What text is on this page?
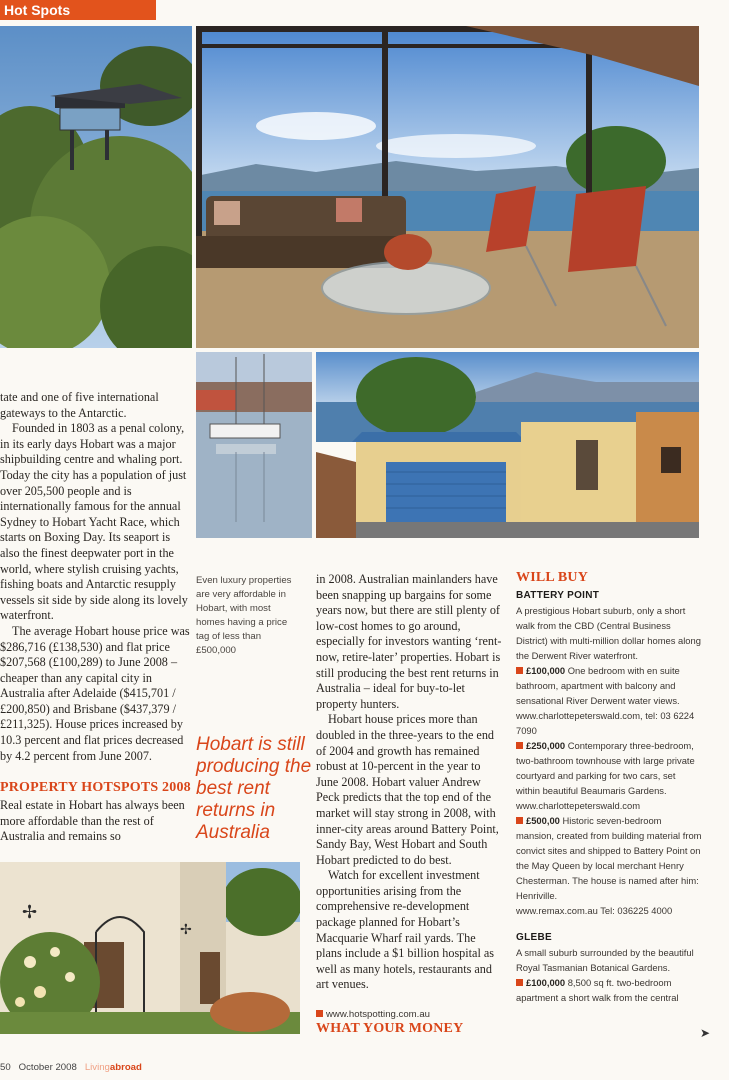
Hot Spots

tate and one of five international gateways to the Antarctic.

Founded in 1803 as a penal colony, in its early days Hobart was a major shipbuilding centre and whaling port. Today the city has a population of just over 205,500 people and is internationally famous for the annual Sydney to Hobart Yacht Race, which starts on Boxing Day. Its seaport is also the finest deepwater port in the world, where stylish cruising yachts, fishing boats and Antarctic resupply vessels sit side by side along its lovely waterfront.

The average Hobart house price was $286,716 (£138,530) and flat price $207,568 (£100,289) to June 2008 – cheaper than any capital city in Australia after Adelaide ($415,701 / £200,850) and Brisbane ($437,379 / £211,325). House prices increased by 10.3 percent and flat prices decreased by 4.2 percent from June 2007.

PROPERTY HOTSPOTS 2008

Real estate in Hobart has always been more affordable than the rest of Australia and remains so

✢
✢
Even luxury properties are very affordable in Hobart, with most homes having a price tag of less than £500,000
Hobart is still producing the best rent returns in Australia

in 2008. Australian mainlanders have been snapping up bargains for some years now, but there are still plenty of low-cost homes to go around, especially for investors wanting ‘rent-now, retire-later’ properties. Hobart is still producing the best rent returns in Australia – ideal for buy-to-let property hunters.

Hobart house prices more than doubled in the three-years to the end of 2004 and growth has remained robust at 10-percent in the year to June 2008. Hobart valuer Andrew Peck predicts that the top end of the market will stay strong in 2008, with inner-city areas around Battery Point, Sandy Bay, West Hobart and South Hobart predicted to do best.

Watch for excellent investment opportunities arising from the comprehensive re-development package planned for Hobart’s Macquarie Wharf rail yards. The plans include a $1 billion hospital as well as many hotels, restaurants and art venues.

www.hotspotting.com.au
WHAT YOUR MONEY
WILL BUY
BATTERY POINT

A prestigious Hobart suburb, only a short walk from the CBD (Central Business District) with multi-million dollar homes along the Derwent River waterfront.

£100,000 One bedroom with en suite bathroom, apartment with balcony and sensational River Derwent water views.

www.charlottepeterswald.com, tel: 03 6224 7090

£250,000 Contemporary three-bedroom, two-bathroom townhouse with large private courtyard and parking for two cars, set within beautiful Beaumaris Gardens.

www.charlottepeterswald.com

£500,00 Historic seven-bedroom mansion, created from building material from convict sites and shipped to Battery Point on the May Queen by local merchant Henry Chesterman. The house is named after him: Henriville.

www.remax.com.au Tel: 036225 4000

GLEBE

A small suburb surrounded by the beautiful Royal Tasmanian Botanical Gardens.

£100,000 8,500 sq ft. two-bedroom apartment a short walk from the central

➤
50 October 2008 Livingabroad
